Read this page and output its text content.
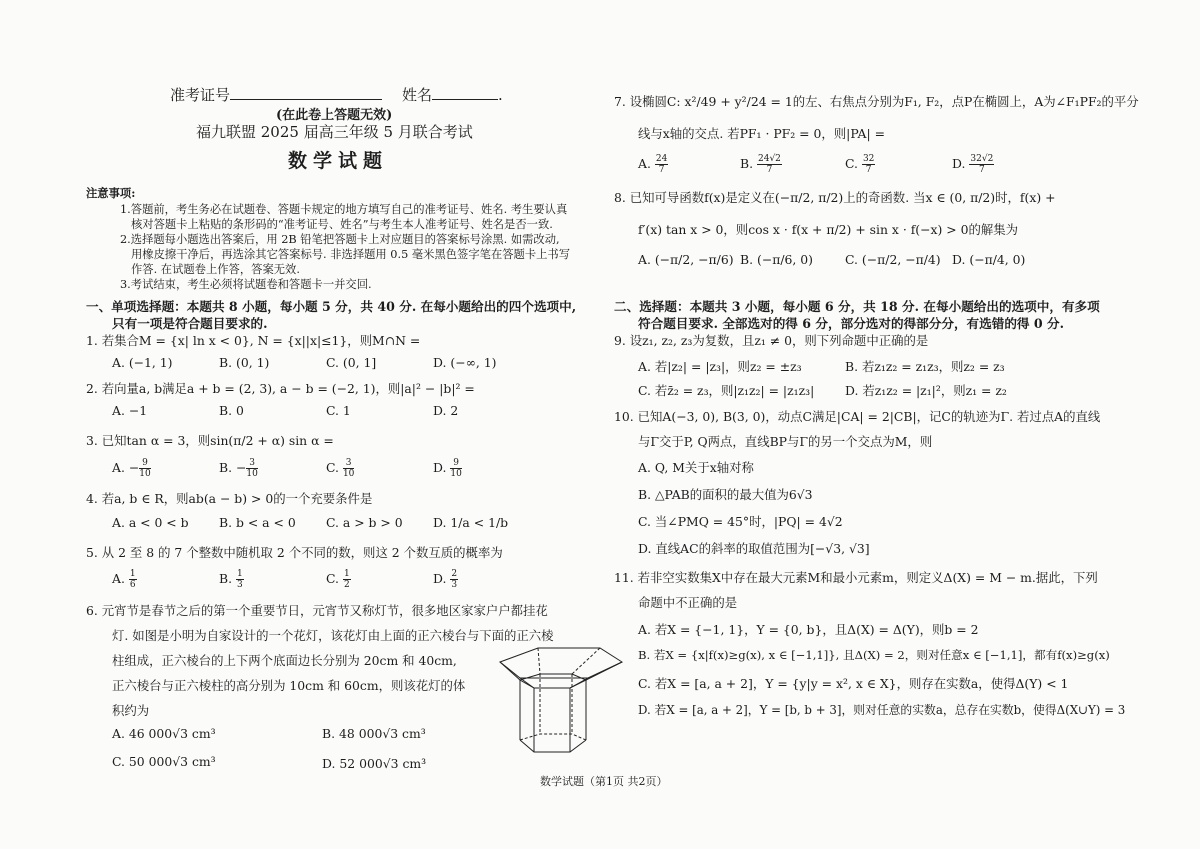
准考证号	姓名	.
(在此卷上答题无效)
福九联盟 2025 届高三年级 5 月联合考试
数学试题
注意事项:
1.答题前，考生务必在试题卷、答题卡规定的地方填写自己的准考证号、姓名. 考生要认真
核对答题卡上粘贴的条形码的“准考证号、姓名”与考生本人准考证号、姓名是否一致.
2.选择题每小题选出答案后，用 2B 铅笔把答题卡上对应题目的答案标号涂黑. 如需改动,
用橡皮擦干净后，再选涂其它答案标号. 非选择题用 0.5 毫米黑色签字笔在答题卡上书写
作答. 在试题卷上作答，答案无效.
3.考试结束，考生必须将试题卷和答题卡一并交回.
一、单项选择题：本题共 8 小题，每小题 5 分，共 40 分. 在每小题给出的四个选项中,
只有一项是符合题目要求的.
1. 若集合M = {x| ln x < 0}, N = {x||x|≤1}，则M∩N =
A. (−1, 1)	B. (0, 1)	C. (0, 1]	D. (−∞, 1)
2. 若向量a, b满足a + b = (2, 3), a − b = (−2, 1)，则|a|² − |b|² =
A. −1	B. 0	C. 1	D. 2
3. 已知tan α = 3，则sin(π/2 + α) sin α =
A. − $\frac{9}{10}$	B. − $\frac{3}{10}$	C. $\frac{3}{10}$	D. $\frac{9}{10}$
4. 若a, b ∈ R，则ab(a − b) > 0的一个充要条件是
A. a < 0 < b B. b < a < 0 C. a > b > 0 D. 1/a < 1/b
5. 从 2 至 8 的 7 个整数中随机取 2 个不同的数，则这 2 个数互质的概率为
A. $\frac{1}{6}$	B. $\frac{1}{3}$	C. $\frac{1}{2}$	D. $\frac{2}{3}$
6. 元宵节是春节之后的第一个重要节日，元宵节又称灯节，很多地区家家户户都挂花
灯. 如图是小明为自家设计的一个花灯，该花灯由上面的正六棱台与下面的正六棱
柱组成，正六棱台的上下两个底面边长分别为 20cm 和 40cm,
正六棱台与正六棱柱的高分别为 10cm 和 60cm，则该花灯的体
积约为
A. 46 000√3 cm³	B. 48 000√3 cm³
C. 50 000√3 cm³	D. 52 000√3 cm³
7. 设椭圆C: x²/49 + y²/24 = 1的左、右焦点分别为F₁, F₂，点P在椭圆上，A为∠F₁PF₂的平分
线与x轴的交点. 若PF₁ · PF₂ = 0，则|PA| =
A. $\frac{24}{7}$	B. $\frac{24√2}{7}$	C. $\frac{32}{7}$	D. $\frac{32√2}{7}$
8. 已知可导函数f(x)是定义在(−π/2, π/2)上的奇函数. 当x ∈ (0, π/2)时，f(x) +
f′(x) tan x > 0，则cos x · f(x + π/2) + sin x · f(−x) > 0的解集为
A. (−π/2, −π/6) B. (−π/6, 0)	C. (−π/2, −π/4) D. (−π/4, 0)
二、选择题：本题共 3 小题，每小题 6 分，共 18 分. 在每小题给出的选项中，有多项
符合题目要求. 全部选对的得 6 分，部分选对的得部分分，有选错的得 0 分.
9. 设z₁, z₂, z₃为复数，且z₁ ≠ 0，则下列命题中正确的是
A. 若|z₂| = |z₃|，则z₂ = ±z₃	B. 若z₁z₂ = z₁z₃，则z₂ = z₃
C. 若z̄₂ = z₃，则|z₁z₂| = |z₁z₃| D. 若z₁z₂ = |z₁|²，则z₁ = z₂
10. 已知A(−3, 0), B(3, 0)，动点C满足|CA| = 2|CB|，记C的轨迹为Γ. 若过点A的直线
与Γ交于P, Q两点，直线BP与Γ的另一个交点为M，则
A. Q, M关于x轴对称
B. △PAB的面积的最大值为6√3
C. 当∠PMQ = 45°时，|PQ| = 4√2
D. 直线AC的斜率的取值范围为[−√3, √3]
11. 若非空实数集X中存在最大元素M和最小元素m，则定义Δ(X) = M − m.据此，下列
命题中不正确的是
A. 若X = {−1, 1}，Y = {0, b}，且Δ(X) = Δ(Y)，则b = 2
B. 若X = {x|f(x)≥g(x), x ∈ [−1,1]}, 且Δ(X) = 2，则对任意x ∈ [−1,1]，都有f(x)≥g(x)
C. 若X = [a, a + 2]，Y = {y|y = x², x ∈ X}，则存在实数a，使得Δ(Y) < 1
D. 若X = [a, a + 2]，Y = [b, b + 3]，则对任意的实数a，总存在实数b，使得Δ(X∪Y) = 3
数学试题（第1页 共2页）
